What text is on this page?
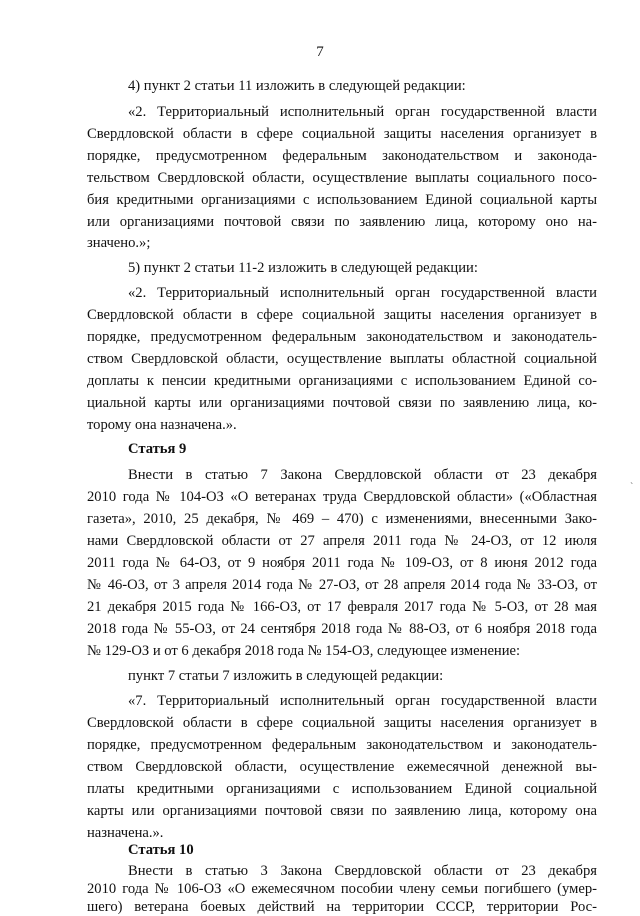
7
4) пункт 2 статьи 11 изложить в следующей редакции:
«2. Территориальный исполнительный орган государственной власти
Свердловской области в сфере социальной защиты населения организует в
порядке, предусмотренном федеральным законодательством и законода-
тельством Свердловской области, осуществление выплаты социального посо-
бия кредитными организациями с использованием Единой социальной карты
или организациями почтовой связи по заявлению лица, которому оно на-
значено.»;
5) пункт 2 статьи 11-2 изложить в следующей редакции:
«2. Территориальный исполнительный орган государственной власти
Свердловской области в сфере социальной защиты населения организует в
порядке, предусмотренном федеральным законодательством и законодатель-
ством Свердловской области, осуществление выплаты областной социальной
доплаты к пенсии кредитными организациями с использованием Единой со-
циальной карты или организациями почтовой связи по заявлению лица, ко-
торому она назначена.».
Статья 9
Внести в статью 7 Закона Свердловской области от 23 декабря
2010 года № 104-ОЗ «О ветеранах труда Свердловской области» («Областная
газета», 2010, 25 декабря, № 469 – 470) с изменениями, внесенными Зако-
нами Свердловской области от 27 апреля 2011 года № 24-ОЗ, от 12 июля
2011 года № 64-ОЗ, от 9 ноября 2011 года № 109-ОЗ, от 8 июня 2012 года
№ 46-ОЗ, от 3 апреля 2014 года № 27-ОЗ, от 28 апреля 2014 года № 33-ОЗ, от
21 декабря 2015 года № 166-ОЗ, от 17 февраля 2017 года № 5-ОЗ, от 28 мая
2018 года № 55-ОЗ, от 24 сентября 2018 года № 88-ОЗ, от 6 ноября 2018 года
№ 129-ОЗ и от 6 декабря 2018 года № 154-ОЗ, следующее изменение:
пункт 7 статьи 7 изложить в следующей редакции:
«7. Территориальный исполнительный орган государственной власти
Свердловской области в сфере социальной защиты населения организует в
порядке, предусмотренном федеральным законодательством и законодатель-
ством Свердловской области, осуществление ежемесячной денежной вы-
платы кредитными организациями с использованием Единой социальной
карты или организациями почтовой связи по заявлению лица, которому она
назначена.».
Статья 10
Внести в статью 3 Закона Свердловской области от 23 декабря
2010 года № 106-ОЗ «О ежемесячном пособии члену семьи погибшего (умер-
шего) ветерана боевых действий на территории СССР, территории Рос-
ˋ
